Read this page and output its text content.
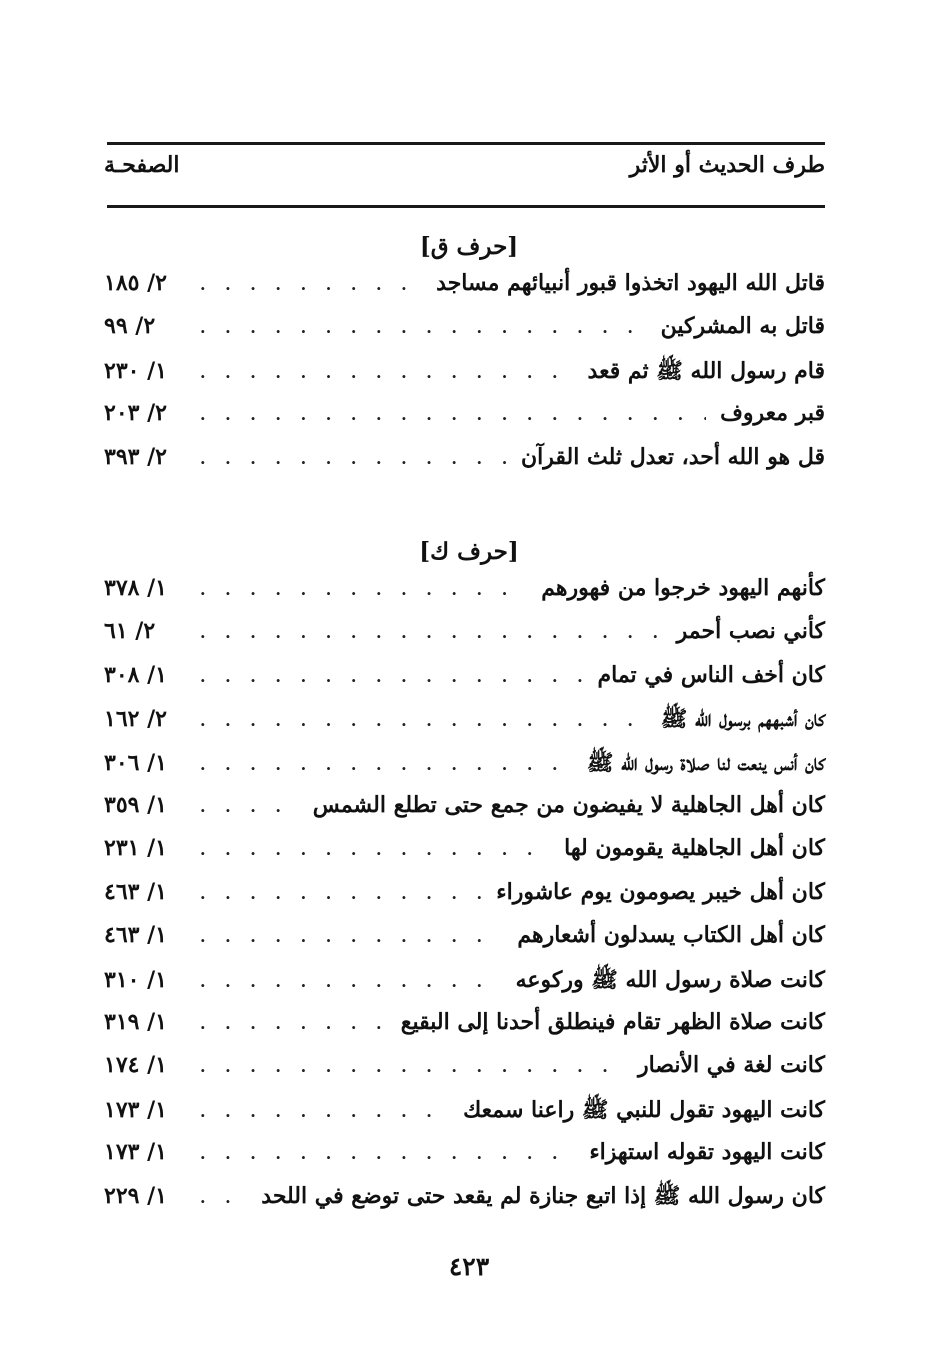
طرف الحديث أو الأثر
الصفحـة
[حرف ق]
قاتل الله اليهود اتخذوا قبور أنبيائهم مساجد
. . .
٢/ ١٨٥
قاتل به المشركين
. . .
٢/ ٩٩
قام رسول الله ﷺ ثم قعد
. . .
١/ ٢٣٠
قبر معروف
. . .
٢/ ٢٠٣
قل هو الله أحد، تعدل ثلث القرآن
. . .
٢/ ٣٩٣
[حرف ك]
كأنهم اليهود خرجوا من فهورهم
. . .
١/ ٣٧٨
كأني نصب أحمر
. . .
٢/ ٦١
كان أخف الناس في تمام
. . .
١/ ٣٠٨
كان أشبههم برسول الله ﷺ
. . .
٢/ ١٦٢
كان أنس ينعت لنا صلاة رسول الله ﷺ
. . .
١/ ٣٠٦
كان أهل الجاهلية لا يفيضون من جمع حتى تطلع الشمس
. . .
١/ ٣٥٩
كان أهل الجاهلية يقومون لها
. . .
١/ ٢٣١
كان أهل خيبر يصومون يوم عاشوراء
. . .
١/ ٤٦٣
كان أهل الكتاب يسدلون أشعارهم
. . .
١/ ٤٦٣
كانت صلاة رسول الله ﷺ وركوعه
. . .
١/ ٣١٠
كانت صلاة الظهر تقام فينطلق أحدنا إلى البقيع
. . .
١/ ٣١٩
كانت لغة في الأنصار
. . .
١/ ١٧٤
كانت اليهود تقول للنبي ﷺ راعنا سمعك
. . .
١/ ١٧٣
كانت اليهود تقوله استهزاء
. . .
١/ ١٧٣
كان رسول الله ﷺ إذا اتبع جنازة لم يقعد حتى توضع في اللحد
. . .
١/ ٢٢٩
٤٢٣
